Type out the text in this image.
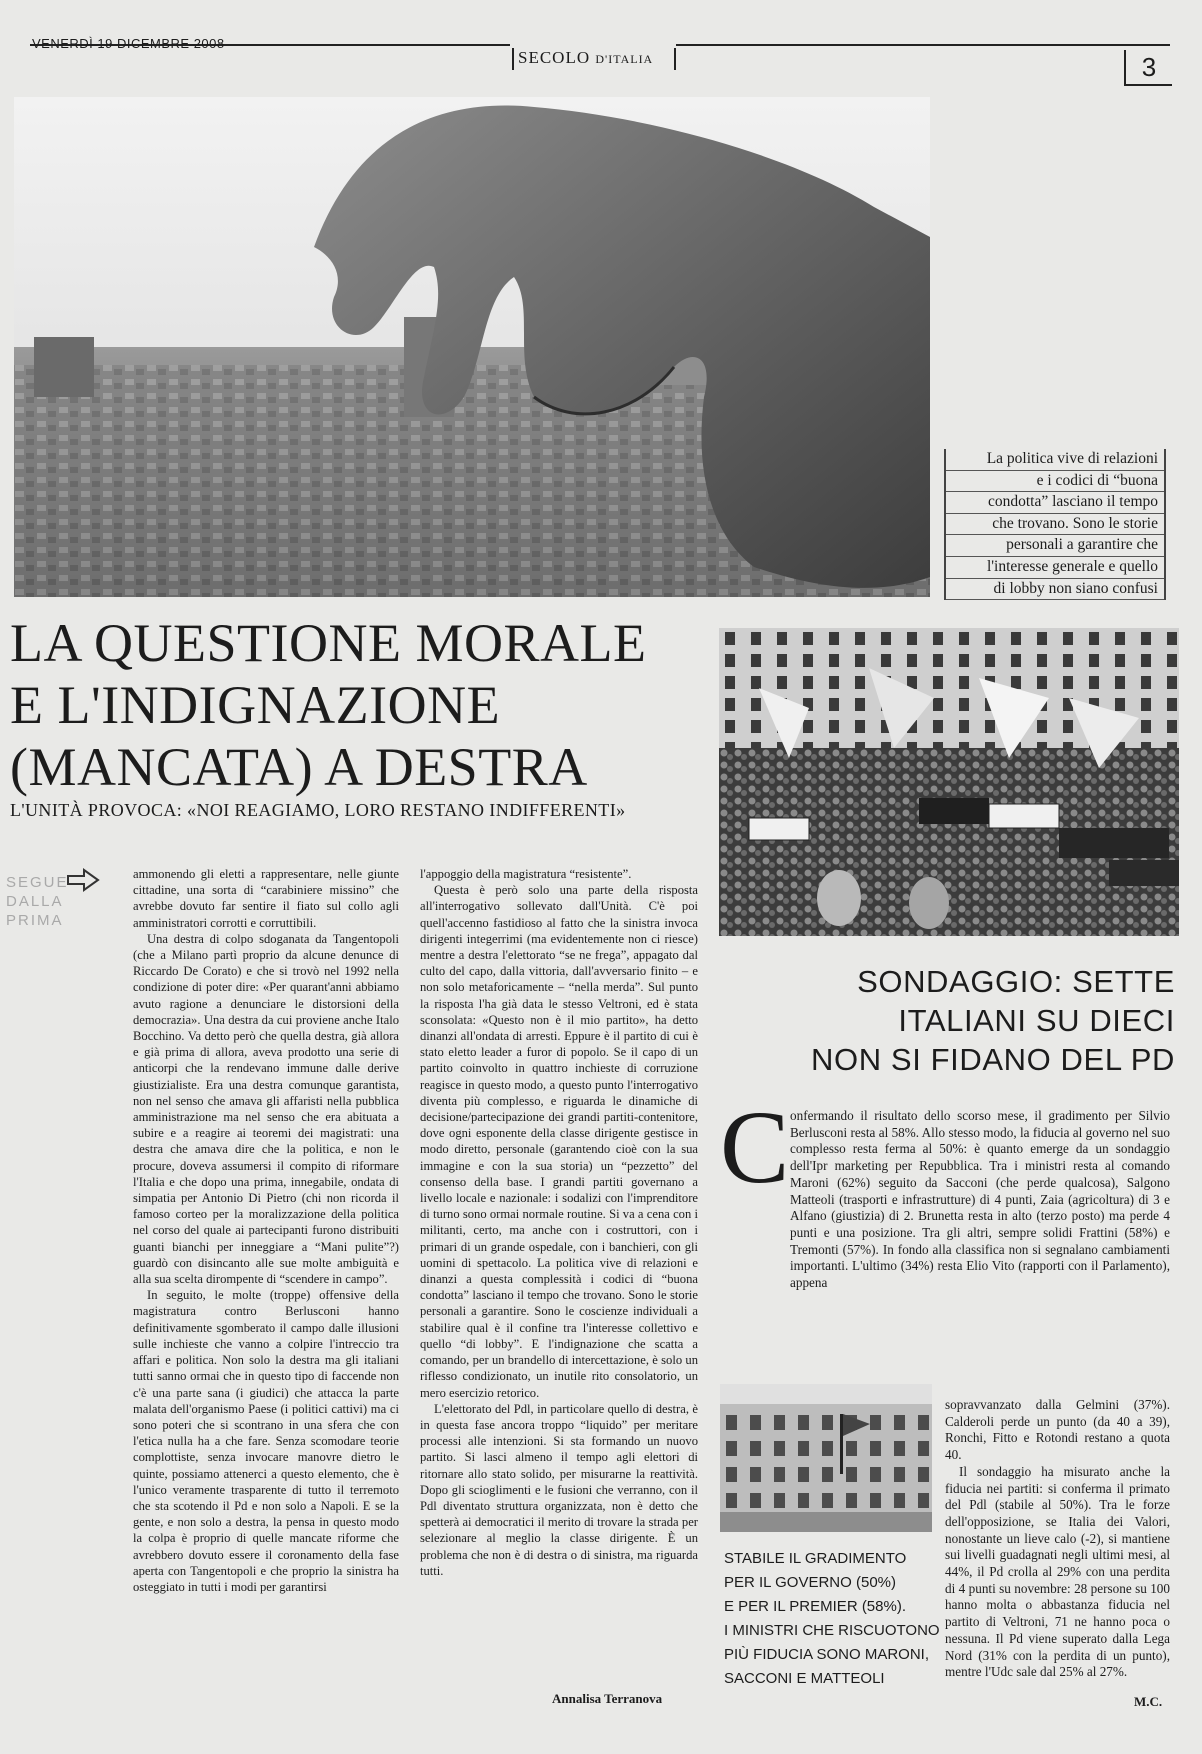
VENERDÌ 19 DICEMBRE 2008
SECOLO D'ITALIA	3
La politica vive di relazioni
e i codici di “buona
condotta” lasciano il tempo
che trovano. Sono le storie
personali a garantire che
l'interesse generale e quello
di lobby non siano confusi
LA QUESTIONE MORALE
E L'INDIGNAZIONE
(MANCATA) A DESTRA
L'UNITÀ PROVOCA: «NOI REAGIAMO, LORO RESTANO INDIFFERENTI»
SEGUE
DALLA
PRIMA

ammonendo gli eletti a rappresentare, nelle giunte cittadine, una sorta di “carabiniere missino” che avrebbe dovuto far sentire il fiato sul collo agli amministratori corrotti e corruttibili.

Una destra di colpo sdoganata da Tangentopoli (che a Milano partì proprio da alcune denunce di Riccardo De Corato) e che si trovò nel 1992 nella condizione di poter dire: «Per quarant'anni abbiamo avuto ragione a denunciare le distorsioni della democrazia». Una destra da cui proviene anche Italo Bocchino. Va detto però che quella destra, già allora e già prima di allora, aveva prodotto una serie di anticorpi che la rendevano immune dalle derive giustizialiste. Era una destra comunque garantista, non nel senso che amava gli affaristi nella pubblica amministrazione ma nel senso che era abituata a subire e a reagire ai teoremi dei magistrati: una destra che amava dire che la politica, e non le procure, doveva assumersi il compito di riformare l'Italia e che dopo una prima, innegabile, ondata di simpatia per Antonio Di Pietro (chi non ricorda il famoso corteo per la moralizzazione della politica nel corso del quale ai partecipanti furono distribuiti guanti bianchi per inneggiare a “Mani pulite”?) guardò con disincanto alle sue molte ambiguità e alla sua scelta dirompente di “scendere in campo”.

In seguito, le molte (troppe) offensive della magistratura contro Berlusconi hanno definitivamente sgomberato il campo dalle illusioni sulle inchieste che vanno a colpire l'intreccio tra affari e politica. Non solo la destra ma gli italiani tutti sanno ormai che in questo tipo di faccende non c'è una parte sana (i giudici) che attacca la parte malata dell'organismo Paese (i politici cattivi) ma ci sono poteri che si scontrano in una sfera che con l'etica nulla ha a che fare. Senza scomodare teorie complottiste, senza invocare manovre dietro le quinte, possiamo attenerci a questo elemento, che è l'unico veramente trasparente di tutto il terremoto che sta scotendo il Pd e non solo a Napoli. E se la gente, e non solo a destra, la pensa in questo modo la colpa è proprio di quelle mancate riforme che avrebbero dovuto essere il coronamento della fase aperta con Tangentopoli e che proprio la sinistra ha osteggiato in tutti i modi per garantirsi

l'appoggio della magistratura “resistente”.

Questa è però solo una parte della risposta all'interrogativo sollevato dall'Unità. C'è poi quell'accenno fastidioso al fatto che la sinistra invoca dirigenti integerrimi (ma evidentemente non ci riesce) mentre a destra l'elettorato “se ne frega”, appagato dal culto del capo, dalla vittoria, dall'avversario finito – e non solo metaforicamente – “nella merda”. Sul punto la risposta l'ha già data le stesso Veltroni, ed è stata sconsolata: «Questo non è il mio partito», ha detto dinanzi all'ondata di arresti. Eppure è il partito di cui è stato eletto leader a furor di popolo. Se il capo di un partito coinvolto in quattro inchieste di corruzione reagisce in questo modo, a questo punto l'interrogativo diventa più complesso, e riguarda le dinamiche di decisione/partecipazione dei grandi partiti-contenitore, dove ogni esponente della classe dirigente gestisce in modo diretto, personale (garantendo cioè con la sua immagine e con la sua storia) un “pezzetto” del consenso della base. I grandi partiti governano a livello locale e nazionale: i sodalizi con l'imprenditore di turno sono ormai normale routine. Si va a cena con i militanti, certo, ma anche con i costruttori, con i primari di un grande ospedale, con i banchieri, con gli uomini di spettacolo. La politica vive di relazioni e dinanzi a questa complessità i codici di “buona condotta” lasciano il tempo che trovano. Sono le storie personali a garantire. Sono le coscienze individuali a stabilire qual è il confine tra l'interesse collettivo e quello “di lobby”. E l'indignazione che scatta a comando, per un brandello di intercettazione, è solo un riflesso condizionato, un inutile rito consolatorio, un mero esercizio retorico.

L'elettorato del Pdl, in particolare quello di destra, è in questa fase ancora troppo “liquido” per meritare processi alle intenzioni. Si sta formando un nuovo partito. Si lasci almeno il tempo agli elettori di ritornare allo stato solido, per misurarne la reattività. Dopo gli scioglimenti e le fusioni che verranno, con il Pdl diventato struttura organizzata, non è detto che spetterà ai democratici il merito di trovare la strada per selezionare al meglio la classe dirigente. È un problema che non è di destra o di sinistra, ma riguarda tutti.

Annalisa Terranova
SONDAGGIO: SETTE
ITALIANI SU DIECI
NON SI FIDANO DEL PD
C onfermando il risultato dello scorso mese, il gradimento per Silvio Berlusconi resta al 58%. Allo stesso modo, la fiducia al governo nel suo complesso resta ferma al 50%: è quanto emerge da un sondaggio dell'Ipr marketing per Repubblica. Tra i ministri resta al comando Maroni (62%) seguito da Sacconi (che perde qualcosa), Salgono Matteoli (trasporti e infrastrutture) di 4 punti, Zaia (agricoltura) di 3 e Alfano (giustizia) di 2. Brunetta resta in alto (terzo posto) ma perde 4 punti e una posizione. Tra gli altri, sempre solidi Frattini (58%) e Tremonti (57%). In fondo alla classifica non si segnalano cambiamenti importanti. L'ultimo (34%) resta Elio Vito (rapporti con il Parlamento), appena

STABILE IL GRADIMENTO
PER IL GOVERNO (50%)
E PER IL PREMIER (58%).
I MINISTRI CHE RISCUOTONO
PIÙ FIDUCIA SONO MARONI,
SACCONI E MATTEOLI

sopravvanzato dalla Gelmini (37%). Calderoli perde un punto (da 40 a 39), Ronchi, Fitto e Rotondi restano a quota 40.

Il sondaggio ha misurato anche la fiducia nei partiti: si conferma il primato del Pdl (stabile al 50%). Tra le forze dell'opposizione, se Italia dei Valori, nonostante un lieve calo (-2), si mantiene sui livelli guadagnati negli ultimi mesi, al 44%, il Pd crolla al 29% con una perdita di 4 punti su novembre: 28 persone su 100 hanno molta o abbastanza fiducia nel partito di Veltroni, 71 ne hanno poca o nessuna. Il Pd viene superato dalla Lega Nord (31% con la perdita di un punto), mentre l'Udc sale dal 25% al 27%.

M.C.
